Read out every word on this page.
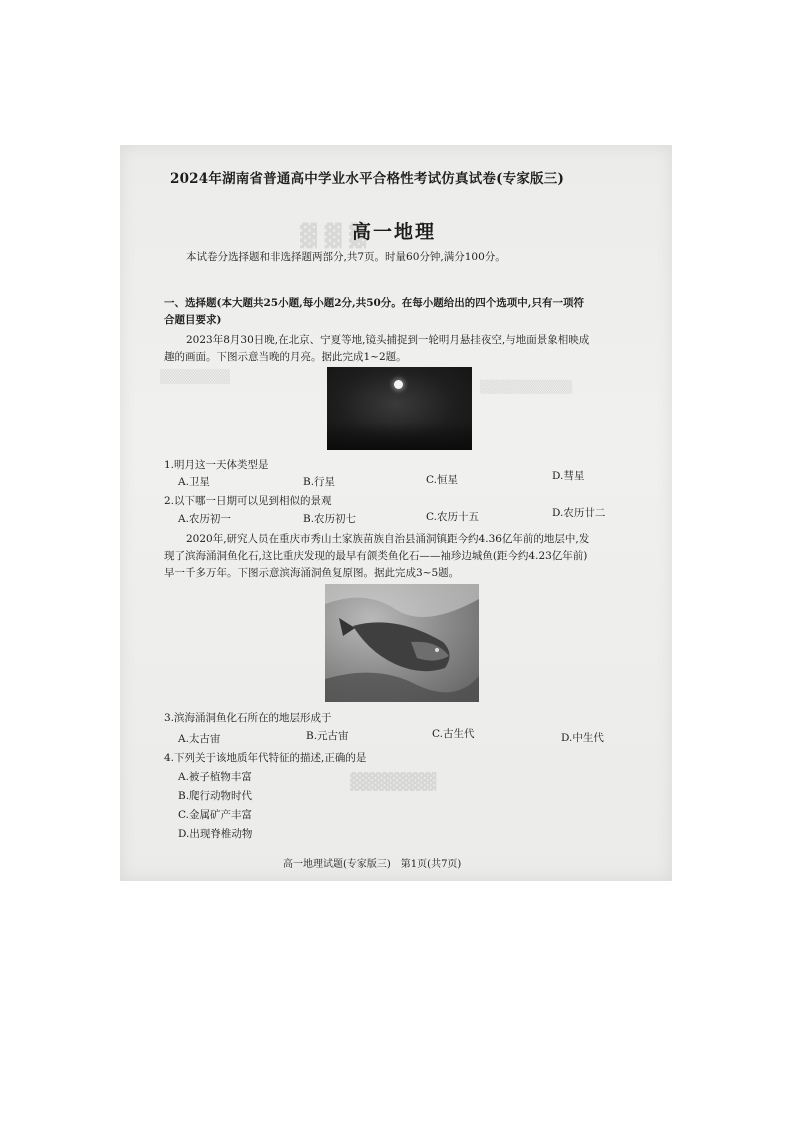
2024年湖南省普通高中学业水平合格性考试仿真试卷(专家版三)
高一地理
本试卷分选择题和非选择题两部分,共7页。时量60分钟,满分100分。
一、选择题(本大题共25小题,每小题2分,共50分。在每小题给出的四个选项中,只有一项符
合题目要求)
2023年8月30日晚,在北京、宁夏等地,镜头捕捉到一轮明月悬挂夜空,与地面景象相映成
趣的画面。下图示意当晚的月亮。据此完成1~2题。
1.明月这一天体类型是
A.卫星	B.行星	C.恒星	D.彗星
2.以下哪一日期可以见到相似的景观
A.农历初一	B.农历初七	C.农历十五	D.农历廿二
2020年,研究人员在重庆市秀山土家族苗族自治县涌洞镇距今约4.36亿年前的地层中,发
现了滨海涌洞鱼化石,这比重庆发现的最早有颌类鱼化石——袖珍边城鱼(距今约4.23亿年前)
早一千多万年。下图示意滨海涌洞鱼复原图。据此完成3~5题。
3.滨海涌洞鱼化石所在的地层形成于
A.太古宙	B.元古宙	C.古生代	D.中生代
4.下列关于该地质年代特征的描述,正确的是
A.被子植物丰富
B.爬行动物时代
C.金属矿产丰富
D.出现脊椎动物
高一地理试题(专家版三)　第1页(共7页)
